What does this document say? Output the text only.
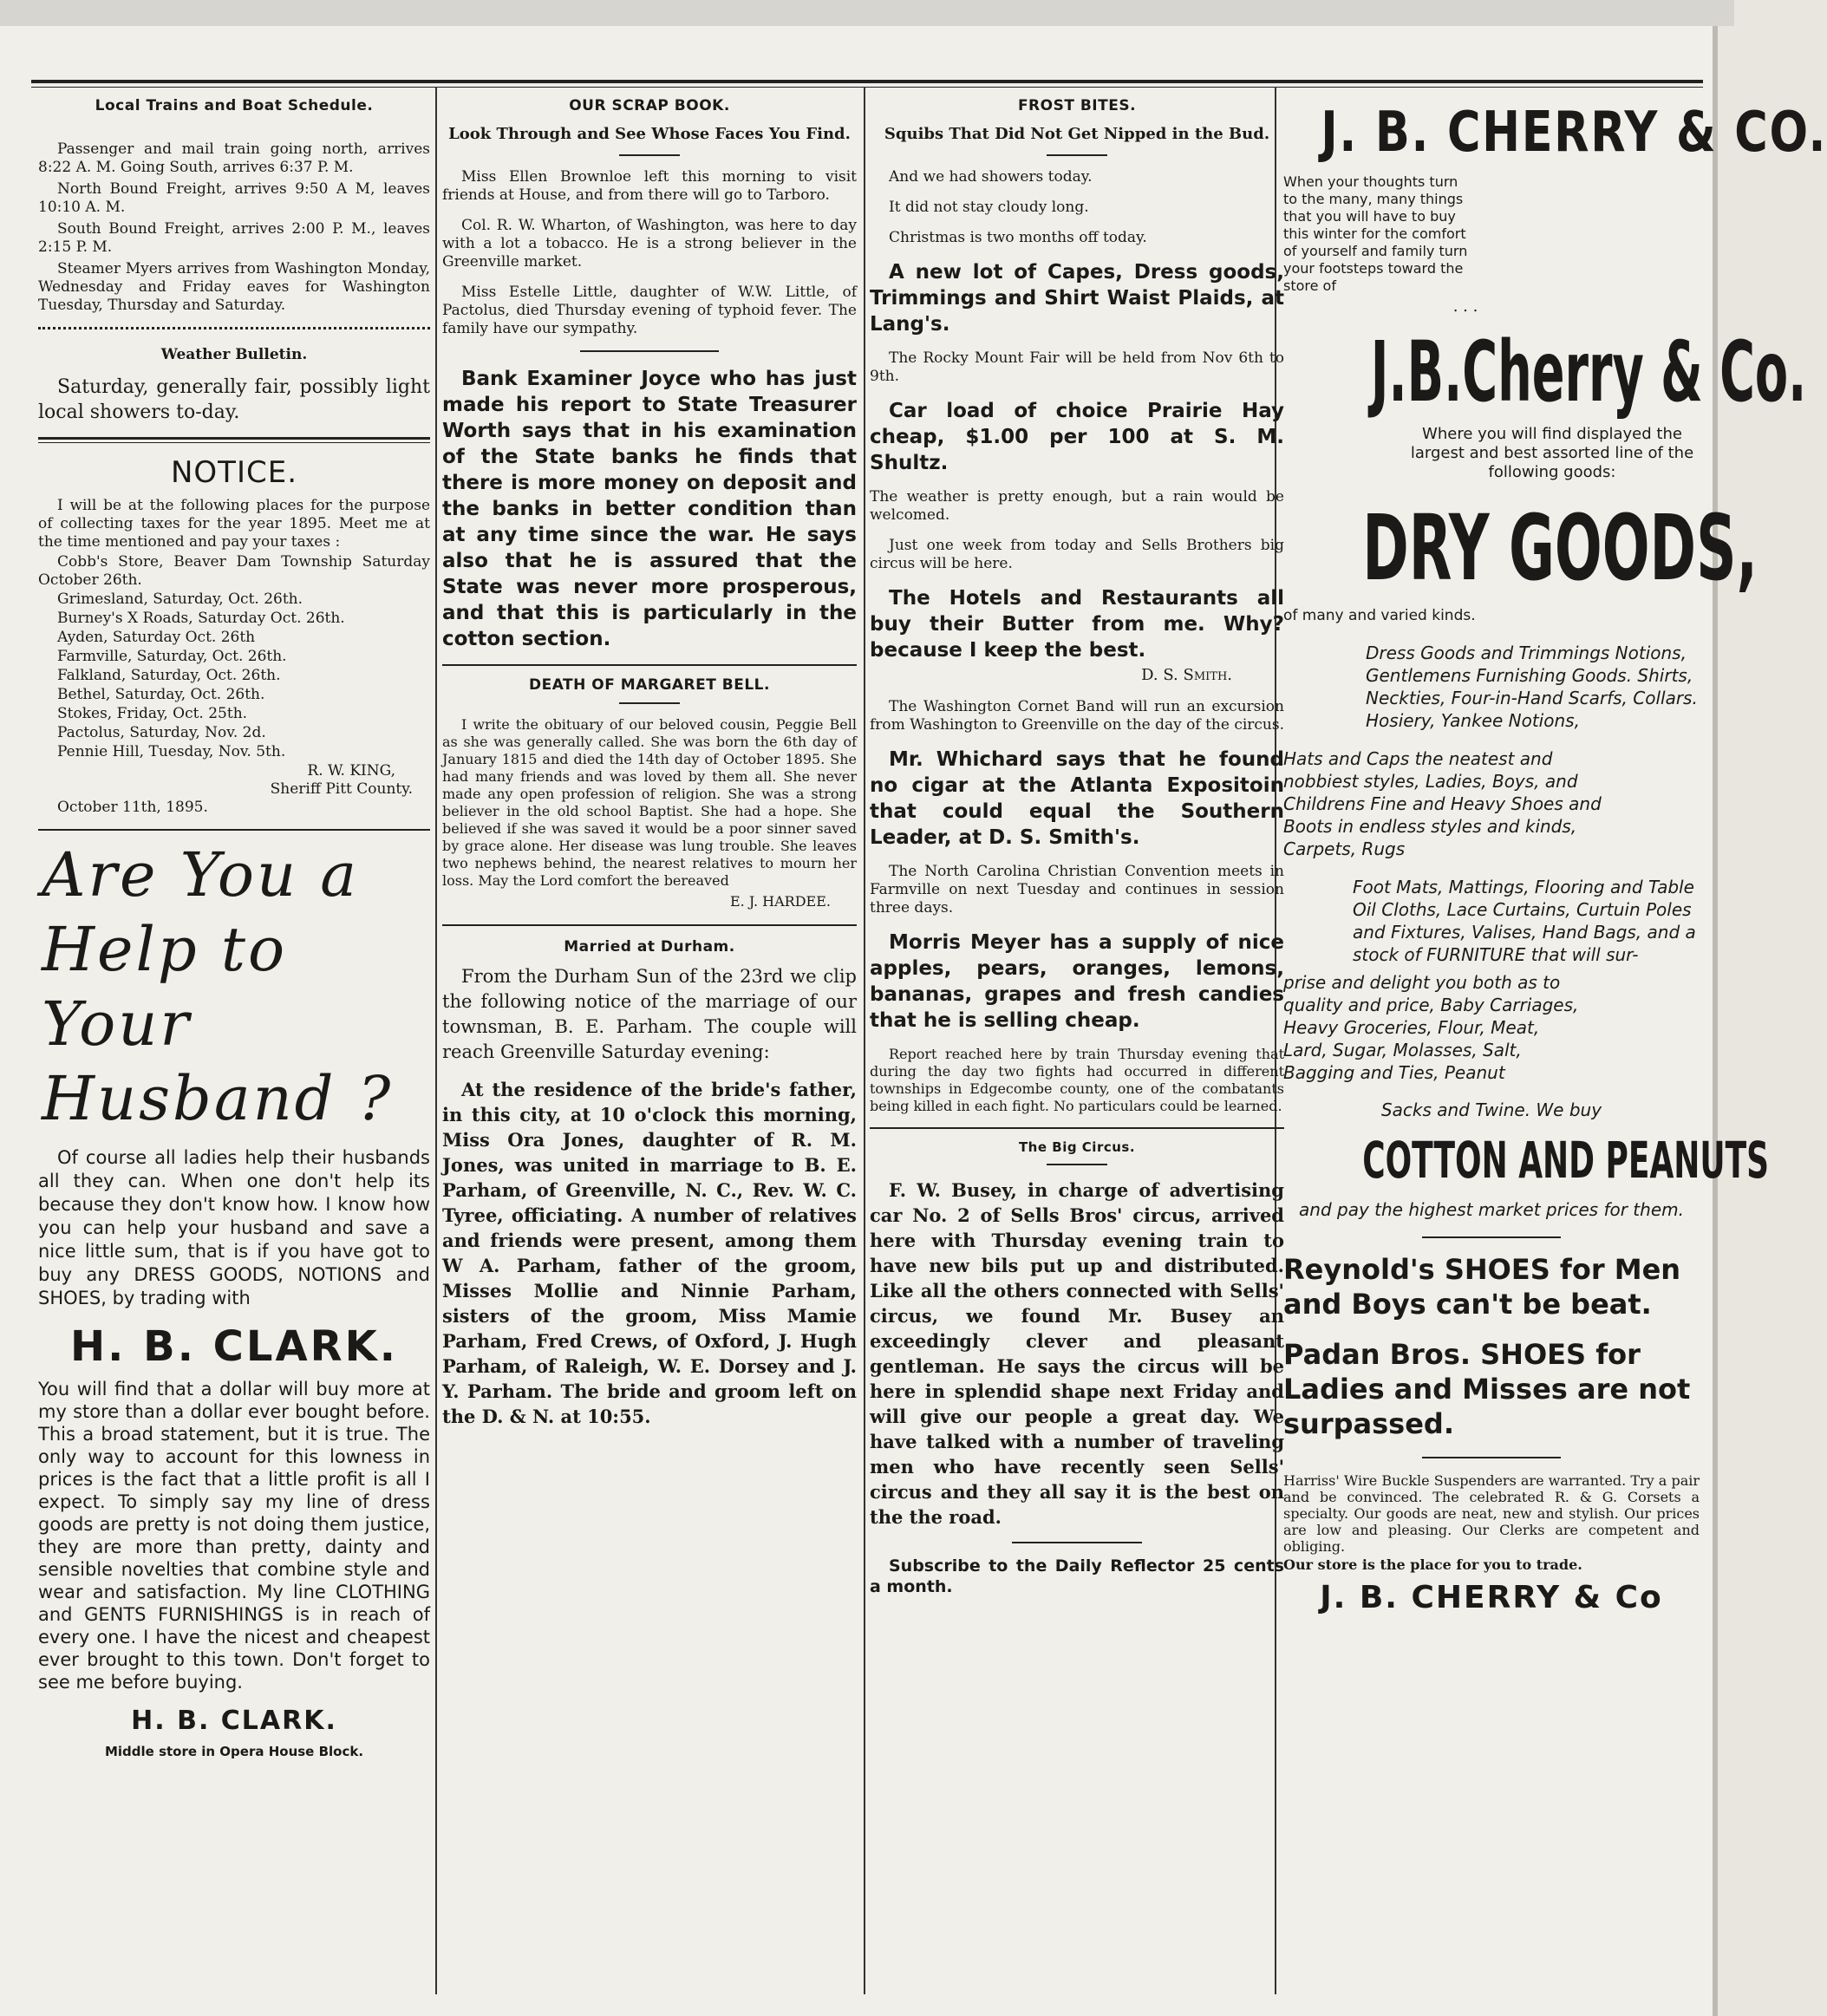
Local Trains and Boat Schedule.

Passenger and mail train going north, arrives 8:22 A. M. Going South, arrives 6:37 P. M.

North Bound Freight, arrives 9:50 A M, leaves 10:10 A. M.

South Bound Freight, arrives 2:00 P. M., leaves 2:15 P. M.

Steamer Myers arrives from Washington Monday, Wednesday and Friday eaves for Washington Tuesday, Thursday and Saturday.

Weather Bulletin.

Saturday, generally fair, possibly light local showers to-day.

NOTICE.

I will be at the following places for the purpose of collecting taxes for the year 1895. Meet me at the time mentioned and pay your taxes :

Cobb's Store, Beaver Dam Township Saturday October 26th.

Grimesland, Saturday, Oct. 26th.

Burney's X Roads, Saturday Oct. 26th.

Ayden, Saturday Oct. 26th

Farmville, Saturday, Oct. 26th.

Falkland, Saturday, Oct. 26th.

Bethel, Saturday, Oct. 26th.

Stokes, Friday, Oct. 25th.

Pactolus, Saturday, Nov. 2d.

Pennie Hill, Tuesday, Nov. 5th.

R. W. KING,

Sheriff Pitt County.

October 11th, 1895.

Are You a Help to Your Husband ?

Of course all ladies help their husbands all they can. When one don't help its because they don't know how. I know how you can help your husband and save a nice little sum, that is if you have got to buy any DRESS GOODS, NOTIONS and SHOES, by trading with

H. B. CLARK.

You will find that a dollar will buy more at my store than a dollar ever bought before. This a broad statement, but it is true. The only way to account for this lowness in prices is the fact that a little profit is all I expect. To simply say my line of dress goods are pretty is not doing them justice, they are more than pretty, dainty and sensible novelties that combine style and wear and satisfaction. My line CLOTHING and GENTS FURNISHINGS is in reach of every one. I have the nicest and cheapest ever brought to this town. Don't forget to see me before buying.

H. B. CLARK.

Middle store in Opera House Block.

OUR SCRAP BOOK.
Look Through and See Whose Faces You Find.

Miss Ellen Brownloe left this morning to visit friends at House, and from there will go to Tarboro.

Col. R. W. Wharton, of Washington, was here to day with a lot a tobacco. He is a strong believer in the Greenville market.

Miss Estelle Little, daughter of W.W. Little, of Pactolus, died Thursday evening of typhoid fever. The family have our sympathy.

Bank Examiner Joyce who has just made his report to State Treasurer Worth says that in his examination of the State banks he finds that there is more money on deposit and the banks in better condition than at any time since the war. He says also that he is assured that the State was never more prosperous, and that this is particularly in the cotton section.

DEATH OF MARGARET BELL.

I write the obituary of our beloved cousin, Peggie Bell as she was generally called. She was born the 6th day of January 1815 and died the 14th day of October 1895. She had many friends and was loved by them all. She never made any open profession of religion. She was a strong believer in the old school Baptist. She had a hope. She believed if she was saved it would be a poor sinner saved by grace alone. Her disease was lung trouble. She leaves two nephews behind, the nearest relatives to mourn her loss. May the Lord comfort the bereaved

E. J. HARDEE.

Married at Durham.

From the Durham Sun of the 23rd we clip the following notice of the marriage of our townsman, B. E. Parham. The couple will reach Greenville Saturday evening:

At the residence of the bride's father, in this city, at 10 o'clock this morning, Miss Ora Jones, daughter of R. M. Jones, was united in marriage to B. E. Parham, of Greenville, N. C., Rev. W. C. Tyree, officiating. A number of relatives and friends were present, among them W A. Parham, father of the groom, Misses Mollie and Ninnie Parham, sisters of the groom, Miss Mamie Parham, Fred Crews, of Oxford, J. Hugh Parham, of Raleigh, W. E. Dorsey and J. Y. Parham. The bride and groom left on the D. & N. at 10:55.

FROST BITES.
Squibs That Did Not Get Nipped in the Bud.

And we had showers today.

It did not stay cloudy long.

Christmas is two months off today.

A new lot of Capes, Dress goods, Trimmings and Shirt Waist Plaids, at Lang's.

The Rocky Mount Fair will be held from Nov 6th to 9th.

Car load of choice Prairie Hay cheap, $1.00 per 100 at S. M. Shultz.

The weather is pretty enough, but a rain would be welcomed.

Just one week from today and Sells Brothers big circus will be here.

The Hotels and Restaurants all buy their Butter from me. Why? because I keep the best.

D. S. Smith.

The Washington Cornet Band will run an excursion from Washington to Greenville on the day of the circus.

Mr. Whichard says that he found no cigar at the Atlanta Expositoin that could equal the Southern Leader, at D. S. Smith's.

The North Carolina Christian Convention meets in Farmville on next Tuesday and continues in session three days.

Morris Meyer has a supply of nice apples, pears, oranges, lemons, bananas, grapes and fresh candies that he is selling cheap.

Report reached here by train Thursday evening that during the day two fights had occurred in different townships in Edgecombe county, one of the combatants being killed in each fight. No particulars could be learned.

The Big Circus.

F. W. Busey, in charge of advertising car No. 2 of Sells Bros' circus, arrived here with Thursday evening train to have new bils put up and distributed. Like all the others connected with Sells' circus, we found Mr. Busey an exceedingly clever and pleasant gentleman. He says the circus will be here in splendid shape next Friday and will give our people a great day. We have talked with a number of traveling men who have recently seen Sells' circus and they all say it is the best on the the road.

Subscribe to the Daily Reflector 25 cents a month.

J. B. CHERRY & CO.

When your thoughts turn to the many, many things that you will have to buy this winter for the comfort of yourself and family turn your footsteps toward the store of

. . .

J.B.Cherry & Co.

Where you will find displayed the largest and best assorted line of the following goods:

DRY GOODS,

of many and varied kinds.

Dress Goods and Trimmings Notions, Gentlemens Furnishing Goods. Shirts, Neckties, Four-in-Hand Scarfs, Collars. Hosiery, Yankee Notions,

Hats and Caps the neatest and nobbiest styles, Ladies, Boys, and Childrens Fine and Heavy Shoes and Boots in endless styles and kinds, Carpets, Rugs

Foot Mats, Mattings, Flooring and Table Oil Cloths, Lace Curtains, Curtuin Poles and Fixtures, Valises, Hand Bags, and a stock of FURNITURE that will sur-

prise and delight you both as to quality and price, Baby Carriages, Heavy Groceries, Flour, Meat, Lard, Sugar, Molasses, Salt, Bagging and Ties, Peanut

Sacks and Twine. We buy

COTTON AND PEANUTS

and pay the highest market prices for them.

Reynold's SHOES for Men and Boys can't be beat.
Padan Bros. SHOES for Ladies and Misses are not surpassed.

Harriss' Wire Buckle Suspenders are warranted. Try a pair and be convinced. The celebrated R. & G. Corsets a specialty. Our goods are neat, new and stylish. Our prices are low and pleasing. Our Clerks are competent and obliging.

Our store is the place for you to trade.

J. B. CHERRY & Co
